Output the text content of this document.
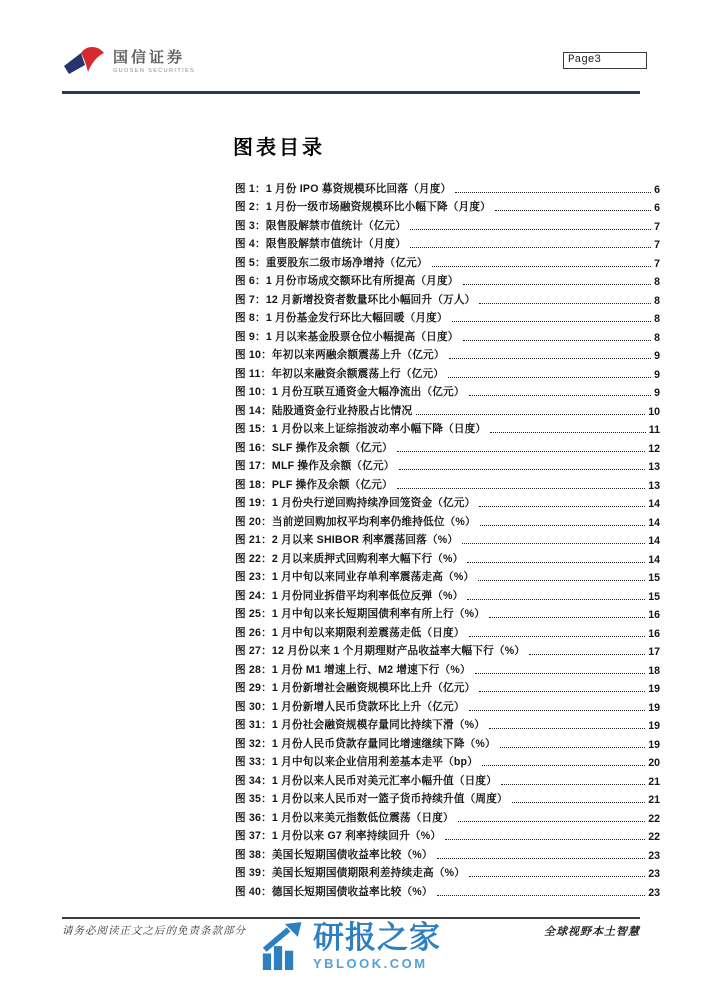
国信证券
GUOSEN SECURITIES
Page3
图表目录
图 1：1 月份 IPO 募资规模环比回落（月度）	6
图 2：1 月份一级市场融资规模环比小幅下降（月度）	6
图 3：限售股解禁市值统计（亿元）	7
图 4：限售股解禁市值统计（月度）	7
图 5：重要股东二级市场净增持（亿元）	7
图 6：1 月份市场成交额环比有所提高（月度）	8
图 7：12 月新增投资者数量环比小幅回升（万人）	8
图 8：1 月份基金发行环比大幅回暖（月度）	8
图 9：1 月以来基金股票仓位小幅提高（日度）	8
图 10：年初以来两融余额震荡上升（亿元）	9
图 11：年初以来融资余额震荡上行（亿元）	9
图 10：1 月份互联互通资金大幅净流出（亿元）	9
图 14：陆股通资金行业持股占比情况	10
图 15：1 月份以来上证综指波动率小幅下降（日度）	11
图 16：SLF 操作及余额（亿元）	12
图 17：MLF 操作及余额（亿元）	13
图 18：PLF 操作及余额（亿元）	13
图 19：1 月份央行逆回购持续净回笼资金（亿元）	14
图 20：当前逆回购加权平均利率仍维持低位（%）	14
图 21：2 月以来 SHIBOR 利率震荡回落（%）	14
图 22：2 月以来质押式回购利率大幅下行（%）	14
图 23：1 月中旬以来同业存单利率震荡走高（%）	15
图 24：1 月份同业拆借平均利率低位反弹（%）	15
图 25：1 月中旬以来长短期国债利率有所上行（%）	16
图 26：1 月中旬以来期限利差震荡走低（日度）	16
图 27：12 月份以来 1 个月期理财产品收益率大幅下行（%）	17
图 28：1 月份 M1 增速上行、M2 增速下行（%）	18
图 29：1 月份新增社会融资规模环比上升（亿元）	19
图 30：1 月份新增人民币贷款环比上升（亿元）	19
图 31：1 月份社会融资规模存量同比持续下滑（%）	19
图 32：1 月份人民币贷款存量同比增速继续下降（%）	19
图 33：1 月中旬以来企业信用利差基本走平（bp）	20
图 34：1 月份以来人民币对美元汇率小幅升值（日度）	21
图 35：1 月份以来人民币对一篮子货币持续升值（周度）	21
图 36：1 月份以来美元指数低位震荡（日度）	22
图 37：1 月份以来 G7 利率持续回升（%）	22
图 38：美国长短期国债收益率比较（%）	23
图 39：美国长短期国债期限利差持续走高（%）	23
图 40：德国长短期国债收益率比较（%）	23
请务必阅读正文之后的免责条款部分	全球视野本土智慧
研报之家
YBLOOK.COM
